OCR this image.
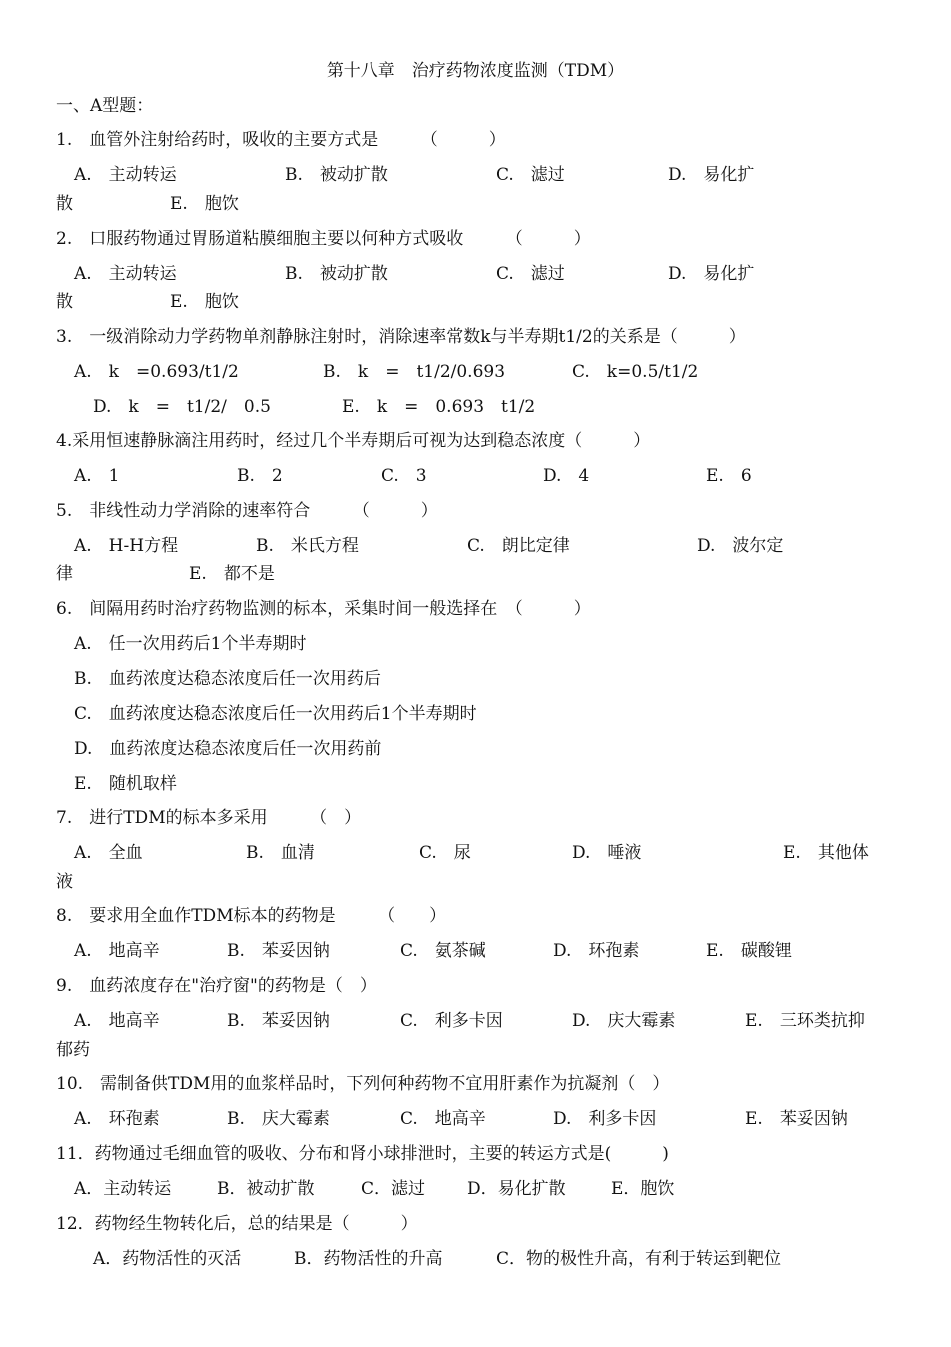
第十八章　治疗药物浓度监测（TDM）
一、A型题：
1.　血管外注射给药时，吸收的主要方式是　　　（　　　）
A.　主动转运	B.　被动扩散	C.　滤过	D.　易化扩
散	E.　胞饮
2.　口服药物通过胃肠道粘膜细胞主要以何种方式吸收　　　（　　　）
A.　主动转运	B.　被动扩散	C.　滤过	D.　易化扩
散	E.　胞饮
3.　一级消除动力学药物单剂静脉注射时，消除速率常数k与半寿期t1/2的关系是（　　　）
A.　k　=0.693/t1/2	B.　k　=　t1/2/0.693	C.　k=0.5/t1/2
D.　k　=　t1/2/　0.5	E.　k　=　0.693　t1/2
4.采用恒速静脉滴注用药时，经过几个半寿期后可视为达到稳态浓度（　　　）
A.　1	B.　2	C.　3	D.　4	E.　6
5.　非线性动力学消除的速率符合　　　（　　　）
A.　H-H方程	B.　米氏方程	C.　朗比定律	D.　波尔定
律	E.　都不是
6.　间隔用药时治疗药物监测的标本，采集时间一般选择在　（　　　）
A.　任一次用药后1个半寿期时
B.　血药浓度达稳态浓度后任一次用药后
C.　血药浓度达稳态浓度后任一次用药后1个半寿期时
D.　血药浓度达稳态浓度后任一次用药前
E.　随机取样
7.　进行TDM的标本多采用　　　（　）
A.　全血	B.　血清	C.　尿	D.　唾液	E.　其他体
液
8.　要求用全血作TDM标本的药物是　　　（　　）
A.　地高辛	B.　苯妥因钠	C.　氨茶碱	D.　环孢素	E.　碳酸锂
9.　血药浓度存在"治疗窗"的药物是（　）
A.　地高辛	B.　苯妥因钠	C.　利多卡因	D.　庆大霉素	E.　三环类抗抑
郁药
10.　需制备供TDM用的血浆样品时，下列何种药物不宜用肝素作为抗凝剂（　）
A.　环孢素	B.　庆大霉素	C.　地高辛	D.　利多卡因	E.　苯妥因钠
11．药物通过毛细血管的吸收、分布和肾小球排泄时，主要的转运方式是(　　　)
A．主动转运	B．被动扩散	C．滤过 D．易化扩散	E．胞饮
12．药物经生物转化后，总的结果是（　　　）
A．药物活性的灭活	B．药物活性的升高	C．物的极性升高，有利于转运到靶位
